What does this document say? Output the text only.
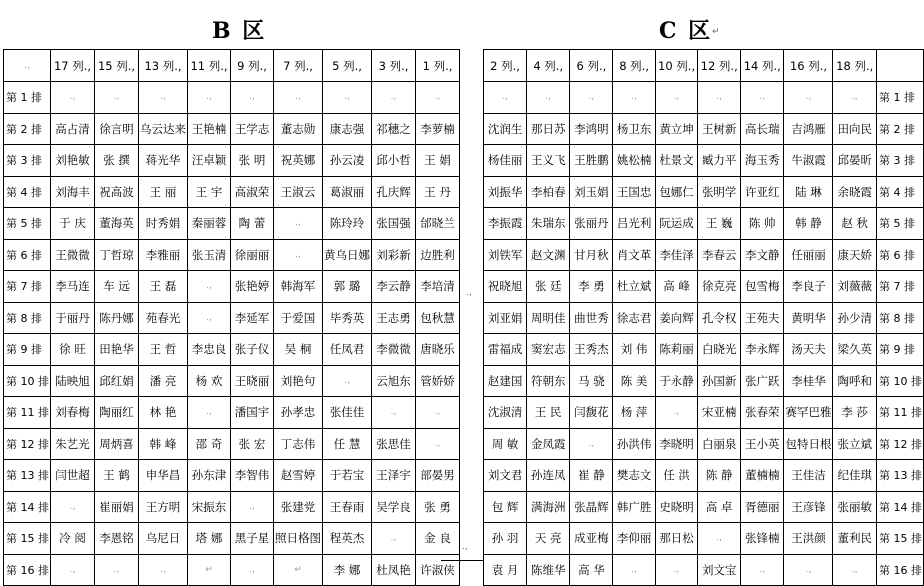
B 区	C 区 ↵
.,	17 列.,	15 列.,	13 列.,	11 列.,	9 列.,	7 列.,	5 列.,	3 列.,	1 列.,
第 1 排	.,	.,	.,	.,	.,	.,	.,	.,	.,
第 2 排	高占清	徐言明	乌云达来	王艳楠	王学志	董志勋	康志强	祁穗之	李萝楠
第 3 排	刘艳敏	张 撰	蒋光华	汪卓颖	张 明	祝英娜	孙云凌	邱小哲	王 娟
第 4 排	刘海丰	祝高波	王 丽	王 宇	高淑荣	王淑云	葛淑丽	孔庆辉	王 丹
第 5 排	于 庆	董海英	时秀娟	秦丽蓉	陶 蕾	.,	陈玲玲	张国强	邰晓兰
第 6 排	王微微	丁哲琼	李雅丽	张玉清	徐丽丽	.,	黄乌日娜	刘彩新	边胜利
第 7 排	李马连	车 远	王 磊	.,	张艳婷	韩海军	郭 璐	李云静	李培清
第 8 排	于丽丹	陈丹娜	苑春光	.,	李延军	于爱国	毕秀英	王志勇	包秋慧
第 9 排	徐 旺	田艳华	王 哲	李忠良	张子仪	吴 桐	任凤君	李微微	唐晓乐
第 10 排	陆映旭	邱红娟	潘 亮	杨 欢	王晓丽	刘艳句	.,	云旭东	管娇娇
第 11 排	刘春梅	陶丽红	林 艳	.,	潘国宇	孙孝忠	张佳佳	.,	.,
第 12 排	朱艺光	周炳喜	韩 峰	邵 奇	张 宏	丁志伟	任 慧	张思佳	.,
第 13 排	闫世超	王 鹤	申华昌	孙东津	李智伟	赵雪婷	于若宝	王泽宇	部晏男
第 14 排	.,	崔丽娟	王方明	宋振东	.,	张建党	王春雨	吴学良	张 勇
第 15 排	冷 阅	李恩铭	乌尼日	塔 娜	黑子星	照日格图	程英杰	.,	金 良
第 16 排	.,	.,	.,	↵	.,	↵	李 娜	杜凤艳	许淑侠
.,
.,
2 列.,	4 列.,	6 列.,	8 列.,	10 列.,	12 列.,	14 列.,	16 列.,	18 列.,	
.,	.,	.,	.,	.,	.,	.,	.,	.,	第 1 排
沈润生	那日苏	李鸿明	杨卫东	黄立坤	王树新	高长瑞	吉鸿雁	田向民	第 2 排
杨佳丽	王义飞	王胜鹏	姚松楠	杜景文	臧力平	海玉秀	牛淑霞	邱晏昕	第 3 排
刘振华	李柏春	刘玉娟	王国忠	包娜仁	张明学	许亚红	陆 琳	余晓霞	第 4 排
李振霞	朱瑞东	张丽丹	吕光利	阮运成	王 巍	陈 帅	韩 静	赵 秋	第 5 排
刘铁军	赵文渊	甘月秋	肖文革	李佳泽	李春云	李文静	任丽丽	康天娇	第 6 排
祝晓旭	张 廷	李 勇	杜立斌	高 峰	徐克亮	包雪梅	李良子	刘薇薇	第 7 排
刘亚娟	周明佳	曲世秀	徐志君	姜向辉	孔令权	王苑夫	黄明华	孙少清	第 8 排
雷福成	窦宏志	王秀杰	刘 伟	陈莉丽	白晓光	李永辉	汤天夫	梁久英	第 9 排
赵建国	符朝东	马 骁	陈 美	于永静	孙国新	张广跃	李桂华	陶呼和	第 10 排
沈淑清	王 民	闫馥花	杨 萍	.,	宋亚楠	张春荣	赛罕巴雅	李 莎	第 11 排
周 敏	金凤霞	.,	孙洪伟	李晓明	白丽泉	王小英	包特日根	张立斌	第 12 排
刘文君	孙连凤	崔 静	樊志文	任 洪	陈 静	董楠楠	王佳洁	纪佳琪	第 13 排
包 辉	满海洲	张晶辉	韩广胜	史晓明	高 卓	胥德丽	王彦锋	张丽敏	第 14 排
孙 羽	天 亮	成亚梅	李仰丽	那日松	.,	张锋楠	王洪颜	董利民	第 15 排
袁 月	陈维华	高 华	.,	.,	刘文宝	.,	.,	.,	第 16 排
